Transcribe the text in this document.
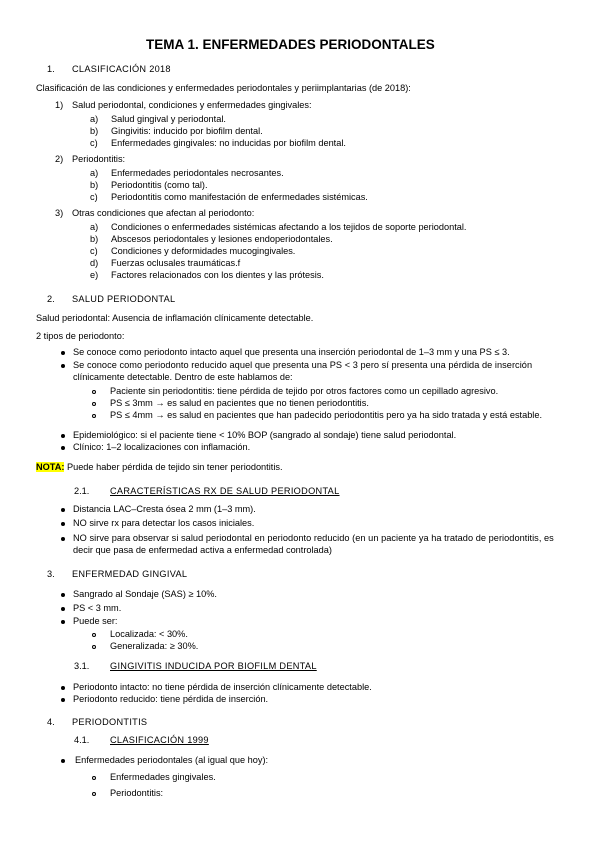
TEMA 1. ENFERMEDADES PERIODONTALES
1. CLASIFICACIÓN 2018
Clasificación de las condiciones y enfermedades periodontales y periimplantarias (de 2018):
1) Salud periodontal, condiciones y enfermedades gingivales:
a) Salud gingival y periodontal.
b) Gingivitis: inducido por biofilm dental.
c) Enfermedades gingivales: no inducidas por biofilm dental.
2) Periodontitis:
a) Enfermedades periodontales necrosantes.
b) Periodontitis (como tal).
c) Periodontitis como manifestación de enfermedades sistémicas.
3) Otras condiciones que afectan al periodonto:
a) Condiciones o enfermedades sistémicas afectando a los tejidos de soporte periodontal.
b) Abscesos periodontales y lesiones endoperiodontales.
c) Condiciones y deformidades mucogingivales.
d) Fuerzas oclusales traumáticas.f
e) Factores relacionados con los dientes y las prótesis.
2. SALUD PERIODONTAL
Salud periodontal: Ausencia de inflamación clínicamente detectable.
2 tipos de periodonto:
Se conoce como periodonto intacto aquel que presenta una inserción periodontal de 1–3 mm y una PS ≤ 3.
Se conoce como periodonto reducido aquel que presenta una PS < 3 pero sí presenta una pérdida de inserción
clínicamente detectable. Dentro de este hablamos de:
Paciente sin periodontitis: tiene pérdida de tejido por otros factores como un cepillado agresivo.
PS ≤ 3mm → es salud en pacientes que no tienen periodontitis.
PS ≤ 4mm → es salud en pacientes que han padecido periodontitis pero ya ha sido tratada y está estable.
Epidemiológico: si el paciente tiene < 10% BOP (sangrado al sondaje) tiene salud periodontal.
Clínico: 1–2 localizaciones con inflamación.
NOTA: Puede haber pérdida de tejido sin tener periodontitis.
2.1. CARACTERÍSTICAS RX DE SALUD PERIODONTAL
Distancia LAC–Cresta ósea 2 mm (1–3 mm).
NO sirve rx para detectar los casos iniciales.
NO sirve para observar si salud periodontal en periodonto reducido (en un paciente ya ha tratado de periodontitis, es
decir que pasa de enfermedad activa a enfermedad controlada)
3. ENFERMEDAD GINGIVAL
Sangrado al Sondaje (SAS) ≥ 10%.
PS < 3 mm.
Puede ser:
Localizada: < 30%.
Generalizada: ≥ 30%.
3.1. GINGIVITIS INDUCIDA POR BIOFILM DENTAL
Periodonto intacto: no tiene pérdida de inserción clínicamente detectable.
Periodonto reducido: tiene pérdida de inserción.
4. PERIODONTITIS
4.1. CLASIFICACIÓN 1999
Enfermedades periodontales (al igual que hoy):
Enfermedades gingivales.
Periodontitis:
